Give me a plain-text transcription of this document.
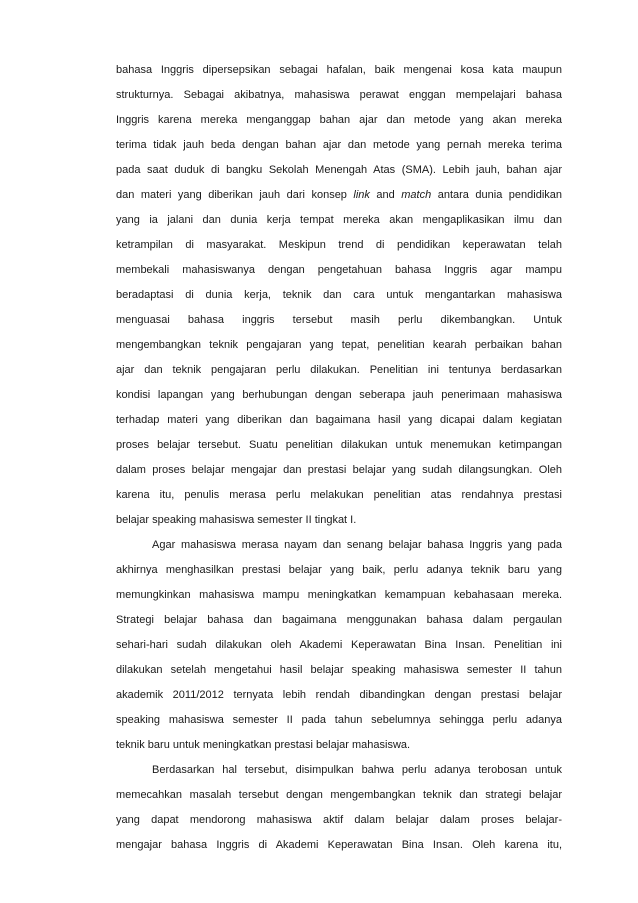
bahasa Inggris dipersepsikan sebagai hafalan, baik mengenai kosa kata maupun
strukturnya. Sebagai akibatnya, mahasiswa perawat enggan mempelajari bahasa
Inggris karena mereka menganggap bahan ajar dan metode yang akan mereka
terima tidak jauh beda dengan bahan ajar dan metode yang pernah mereka terima
pada saat duduk di bangku Sekolah Menengah Atas (SMA). Lebih jauh, bahan ajar
dan materi yang diberikan jauh dari konsep link and match antara dunia pendidikan
yang ia jalani dan dunia kerja tempat mereka akan mengaplikasikan ilmu dan
ketrampilan di masyarakat. Meskipun trend di pendidikan keperawatan telah
membekali mahasiswanya dengan pengetahuan bahasa Inggris agar mampu
beradaptasi di dunia kerja, teknik dan cara untuk mengantarkan mahasiswa
menguasai bahasa inggris tersebut masih perlu dikembangkan. Untuk
mengembangkan teknik pengajaran yang tepat, penelitian kearah perbaikan bahan
ajar dan teknik pengajaran perlu dilakukan. Penelitian ini tentunya berdasarkan
kondisi lapangan yang berhubungan dengan seberapa jauh penerimaan mahasiswa
terhadap materi yang diberikan dan bagaimana hasil yang dicapai dalam kegiatan
proses belajar tersebut. Suatu penelitian dilakukan untuk menemukan ketimpangan
dalam proses belajar mengajar dan prestasi belajar yang sudah dilangsungkan. Oleh
karena itu, penulis merasa perlu melakukan penelitian atas rendahnya prestasi
belajar speaking mahasiswa semester II tingkat I.
Agar mahasiswa merasa nayam dan senang belajar bahasa Inggris yang pada
akhirnya menghasilkan prestasi belajar yang baik, perlu adanya teknik baru yang
memungkinkan mahasiswa mampu meningkatkan kemampuan kebahasaan mereka.
Strategi belajar bahasa dan bagaimana menggunakan bahasa dalam pergaulan
sehari-hari sudah dilakukan oleh Akademi Keperawatan Bina Insan. Penelitian ini
dilakukan setelah mengetahui hasil belajar speaking mahasiswa semester II tahun
akademik 2011/2012 ternyata lebih rendah dibandingkan dengan prestasi belajar
speaking mahasiswa semester II pada tahun sebelumnya sehingga perlu adanya
teknik baru untuk meningkatkan prestasi belajar mahasiswa.
Berdasarkan hal tersebut, disimpulkan bahwa perlu adanya terobosan untuk
memecahkan masalah tersebut dengan mengembangkan teknik dan strategi belajar
yang dapat mendorong mahasiswa aktif dalam belajar dalam proses belajar-
mengajar bahasa Inggris di Akademi Keperawatan Bina Insan. Oleh karena itu,
